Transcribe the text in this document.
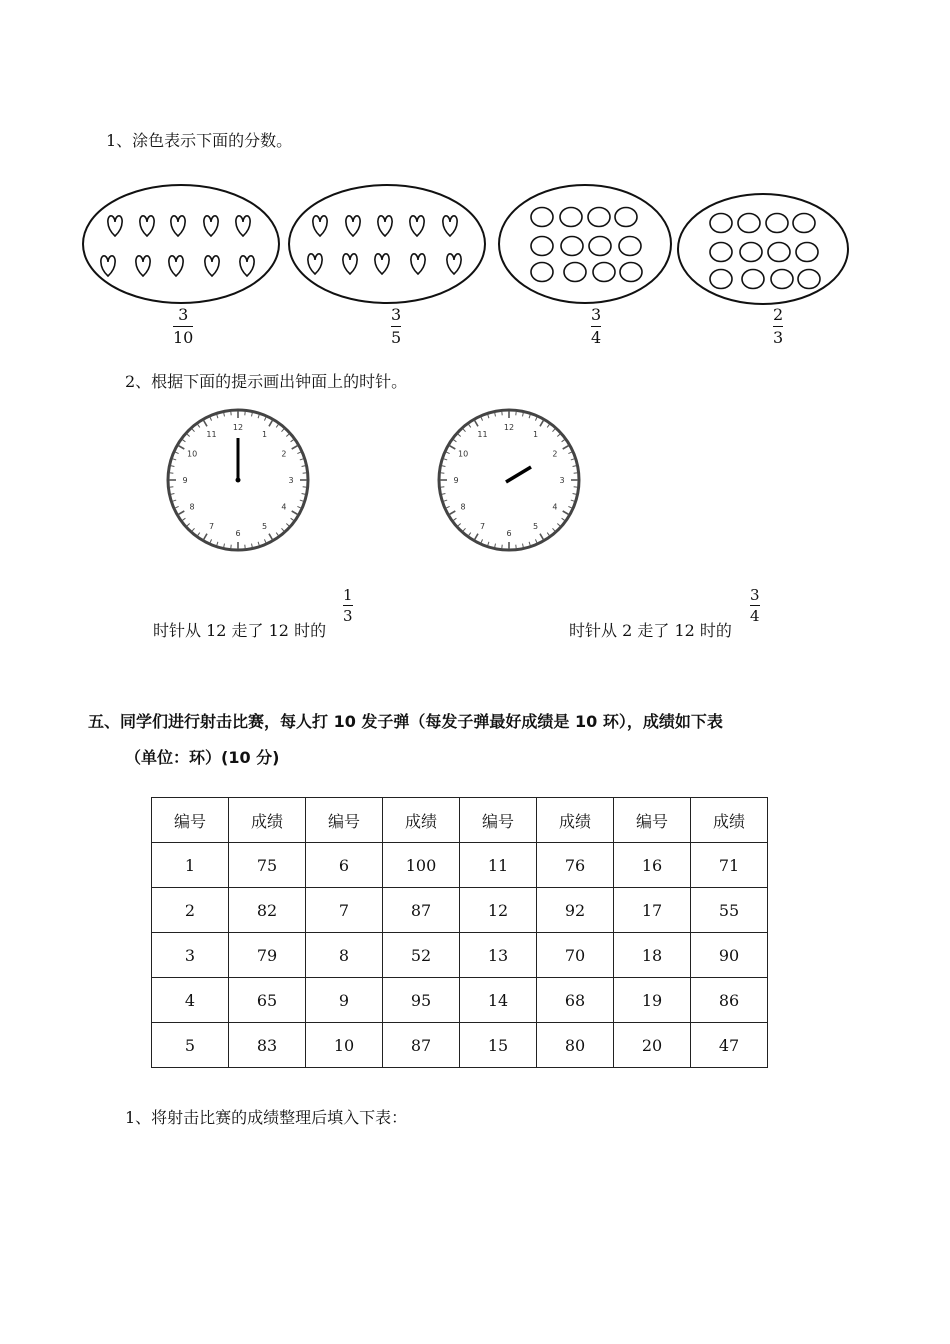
1、涂色表示下面的分数。
3
10
3
5
3
4
2
3
2、根据下面的提示画出钟面上的时针。
12
1
2
3
4
5
6
7
8
9
10
11
12
1
2
3
4
5
6
7
8
9
10
11
时针从 12 走了 12 时的
1
3
时针从 2 走了 12 时的
3
4
五、同学们进行射击比赛，每人打 10 发子弹（每发子弹最好成绩是 10 环），成绩如下表
（单位：环）(10 分)
编号	成绩	编号	成绩	编号	成绩	编号	成绩
1	75	6	100	11	76	16	71
2	82	7	87	12	92	17	55
3	79	8	52	13	70	18	90
4	65	9	95	14	68	19	86
5	83	10	87	15	80	20	47
1、将射击比赛的成绩整理后填入下表：
